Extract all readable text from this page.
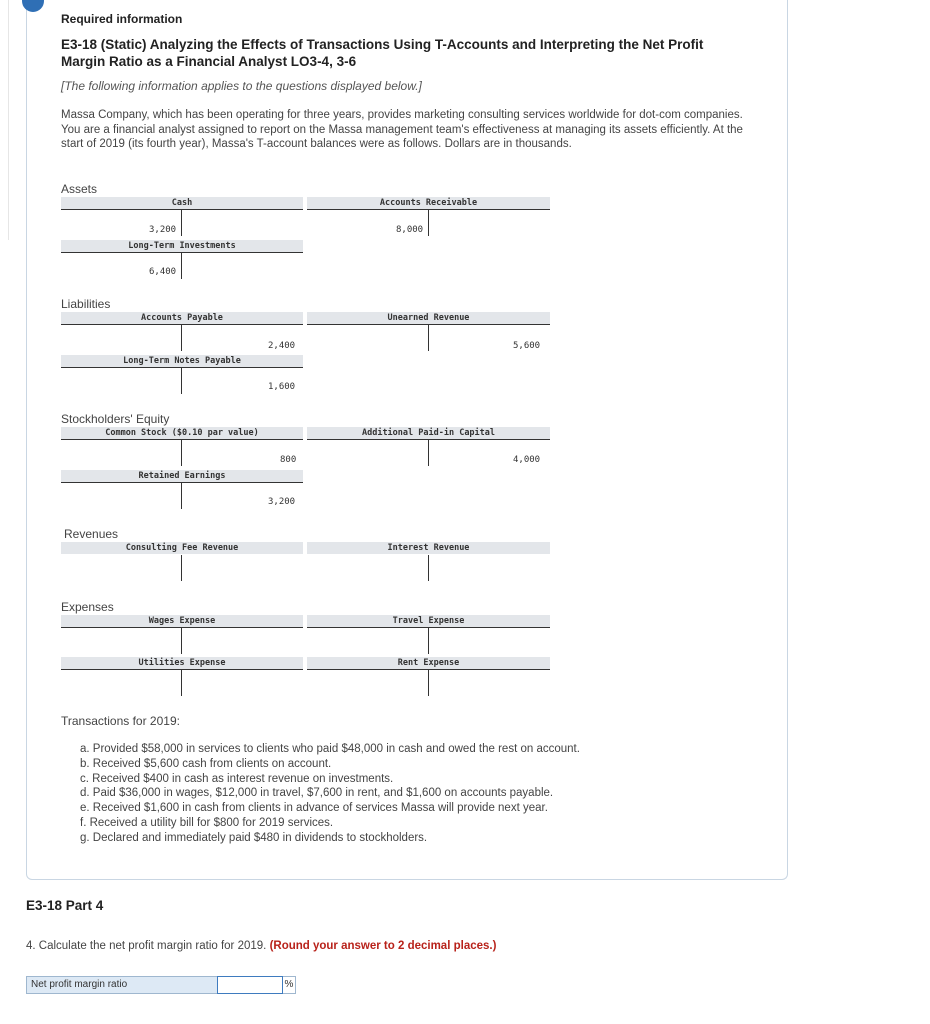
Required information
E3-18 (Static) Analyzing the Effects of Transactions Using T-Accounts and Interpreting the Net Profit
Margin Ratio as a Financial Analyst LO3-4, 3-6
[The following information applies to the questions displayed below.]
Massa Company, which has been operating for three years, provides marketing consulting services worldwide for dot-com companies. You are a financial analyst assigned to report on the Massa management team's effectiveness at managing its assets efficiently. At the start of 2019 (its fourth year), Massa's T-account balances were as follows. Dollars are in thousands.
Assets
Liabilities
Stockholders' Equity
Revenues
Expenses
Cash
3,200
Accounts Receivable
8,000
Long-Term Investments
6,400
Accounts Payable
2,400
Unearned Revenue
5,600
Long-Term Notes Payable
1,600
Common Stock ($0.10 par value)
800
Additional Paid-in Capital
4,000
Retained Earnings
3,200
Consulting Fee Revenue	Interest Revenue
Wages Expense	Travel Expense
Utilities Expense	Rent Expense
Transactions for 2019:
a. Provided $58,000 in services to clients who paid $48,000 in cash and owed the rest on account.
b. Received $5,600 cash from clients on account.
c. Received $400 in cash as interest revenue on investments.
d. Paid $36,000 in wages, $12,000 in travel, $7,600 in rent, and $1,600 on accounts payable.
e. Received $1,600 in cash from clients in advance of services Massa will provide next year.
f. Received a utility bill for $800 for 2019 services.
g. Declared and immediately paid $480 in dividends to stockholders.
E3-18 Part 4
4. Calculate the net profit margin ratio for 2019. (Round your answer to 2 decimal places.)
Net profit margin ratio	%
